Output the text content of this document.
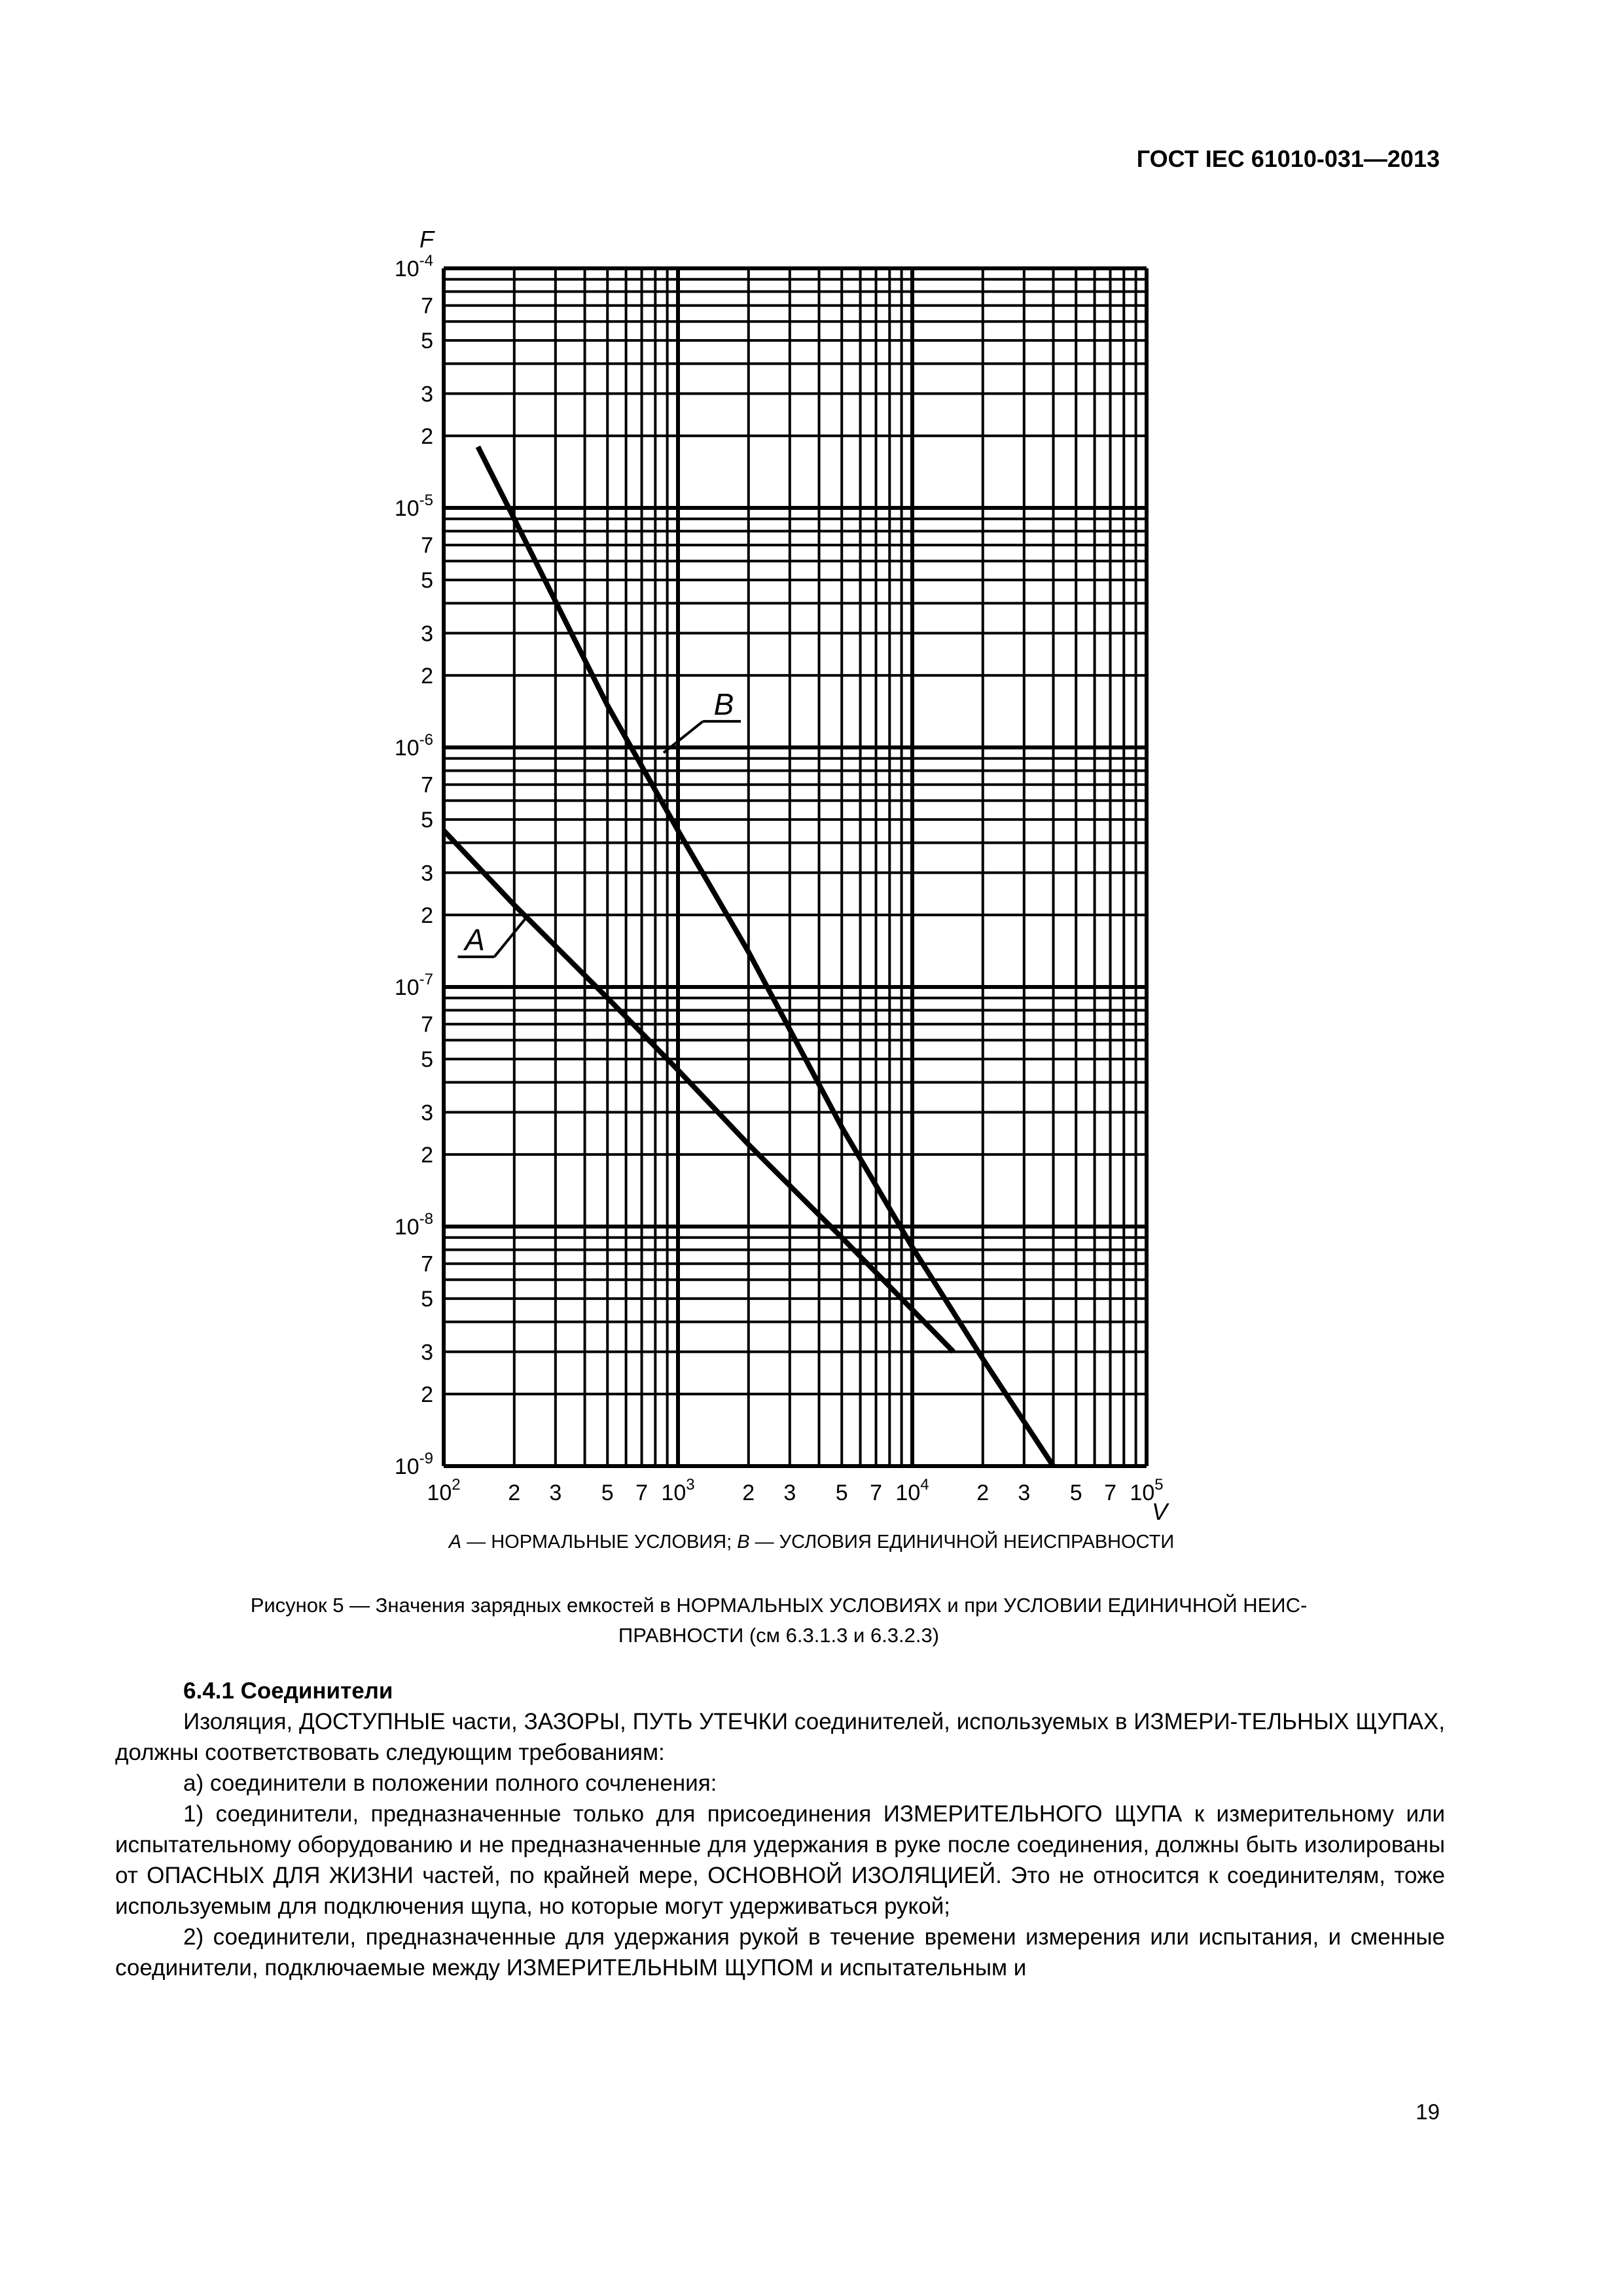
ГОСТ IEC 61010-031—2013
B
A
$10^2$ 2 3 5 7 $10^3$ 2 3 5 7 $10^4$ 2 3 5 7 $10^5$
$10^{-4}$
7
5
3
2
$10^{-5}$
7
5
3
2
$10^{-6}$
7
5
3
2
$10^{-7}$
7
5
3
2
$10^{-8}$
7
5
3
2
$10^{-9}$
F
V
A — НОРМАЛЬНЫЕ УСЛОВИЯ; B — УСЛОВИЯ ЕДИНИЧНОЙ НЕИСПРАВНОСТИ
Рисунок 5 — Значения зарядных емкостей в НОРМАЛЬНЫХ УСЛОВИЯХ и при УСЛОВИИ ЕДИНИЧНОЙ НЕИС-
ПРАВНОСТИ (см 6.3.1.3 и 6.3.2.3)

6.4.1 Соединители

Изоляция, ДОСТУПНЫЕ части, ЗАЗОРЫ, ПУТЬ УТЕЧКИ соединителей, используемых в ИЗМЕРИ-ТЕЛЬНЫХ ЩУПАХ, должны соответствовать следующим требованиям:

а) соединители в положении полного сочленения:

1) соединители, предназначенные только для присоединения ИЗМЕРИТЕЛЬНОГО ЩУПА к измерительному или испытательному оборудованию и не предназначенные для удержания в руке после соединения, должны быть изолированы от ОПАСНЫХ ДЛЯ ЖИЗНИ частей, по крайней мере, ОСНОВНОЙ ИЗОЛЯЦИЕЙ. Это не относится к соединителям, тоже используемым для подключения щупа, но которые могут удерживаться рукой;

2) соединители, предназначенные для удержания рукой в течение времени измерения или испытания, и сменные соединители, подключаемые между ИЗМЕРИТЕЛЬНЫМ ЩУПОМ и испытательным и

19
